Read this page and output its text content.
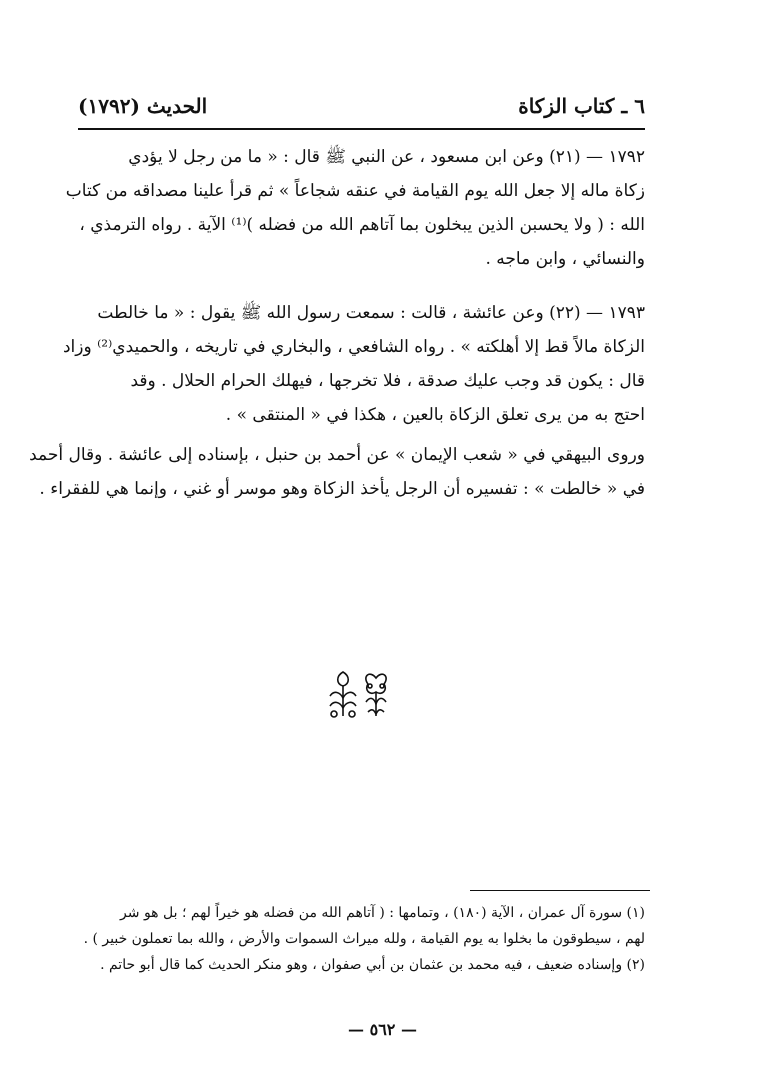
٦ ـ كتاب الزكاة
الحديث (١٧٩٢)
١٧٩٢ — (٢١) وعن ابن مسعود ، عن النبي ﷺ قال : « ما من رجل لا يؤدي
زكاة ماله إلا جعل الله يوم القيامة في عنقه شجاعاً » ثم قرأ علينا مصداقه من كتاب
الله : ( ولا يحسبن الذين يبخلون بما آتاهم الله من فضله )⁽¹⁾ الآية . رواه الترمذي ،
والنسائي ، وابن ماجه .
١٧٩٣ — (٢٢) وعن عائشة ، قالت : سمعت رسول الله ﷺ يقول : « ما خالطت
الزكاة مالاً قط إلا أهلكته » . رواه الشافعي ، والبخاري في تاريخه ، والحميدي⁽²⁾ وزاد
قال : يكون قد وجب عليك صدقة ، فلا تخرجها ، فيهلك الحرام الحلال . وقد
احتج به من يرى تعلق الزكاة بالعين ، هكذا في « المنتقى » .
وروى البيهقي في « شعب الإيمان » عن أحمد بن حنبل ، بإسناده إلى عائشة . وقال أحمد
في « خالطت » : تفسيره أن الرجل يأخذ الزكاة وهو موسر أو غني ، وإنما هي للفقراء .
(١) سورة آل عمران ، الآية (١٨٠) ، وتمامها : ( آتاهم الله من فضله هو خيراً لهم ؛ بل هو شر
لهم ، سيطوقون ما بخلوا به يوم القيامة ، ولله ميراث السموات والأرض ، والله بما تعملون خبير ) .
(٢) وإسناده ضعيف ، فيه محمد بن عثمان بن أبي صفوان ، وهو منكر الحديث كما قال أبو حاتم .
— ٥٦٢ —
